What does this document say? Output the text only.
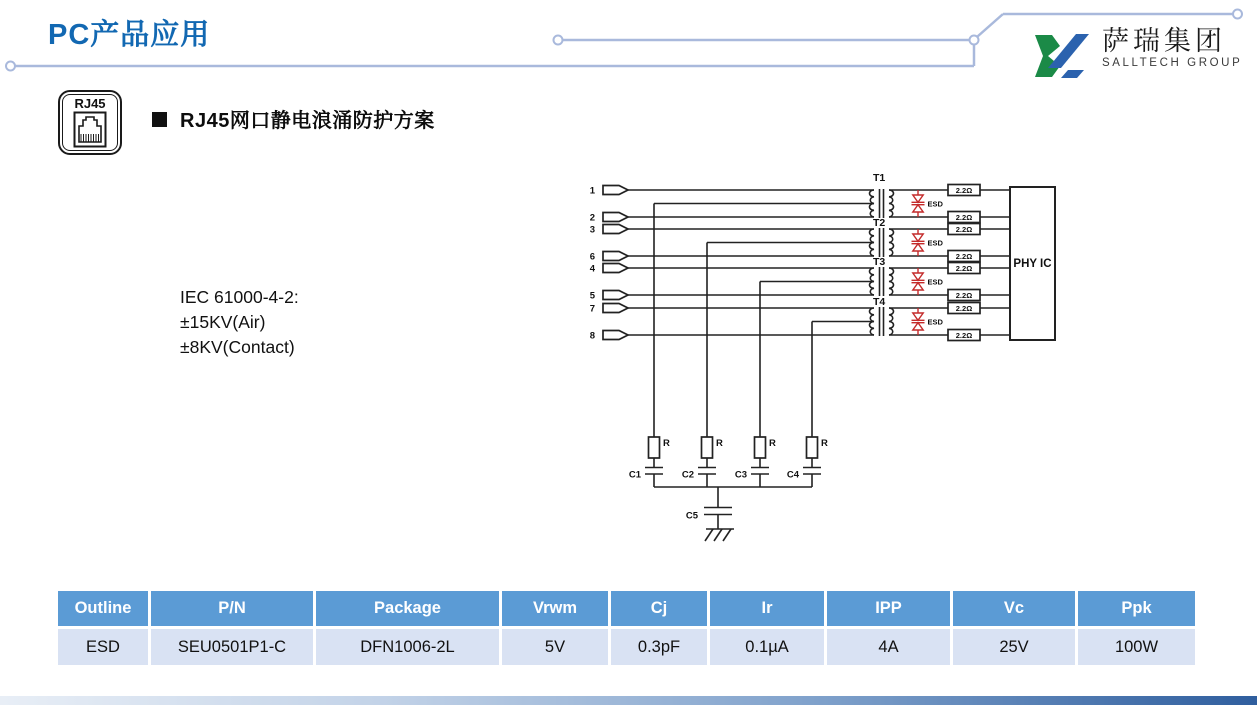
PC产品应用	萨瑞集团
SALLTECH GROUP
RJ45
RJ45网口静电浪涌防护方案
IEC 61000-4-2:
±15KV(Air)
±8KV(Contact)
1
2
3
6
4
5
7
8
T1
T2
T3
T4
ESD
ESD
ESD
ESD
2.2Ω
2.2Ω
2.2Ω
2.2Ω
2.2Ω
2.2Ω
2.2Ω
2.2Ω
PHY IC
R
C1
R
C2
R
C3
R
C4
C5
Outline	P/N	Package	Vrwm	Cj	Ir	IPP	Vc	Ppk
ESD	SEU0501P1-C	DFN1006-2L	5V	0.3pF	0.1µA	4A	25V	100W
